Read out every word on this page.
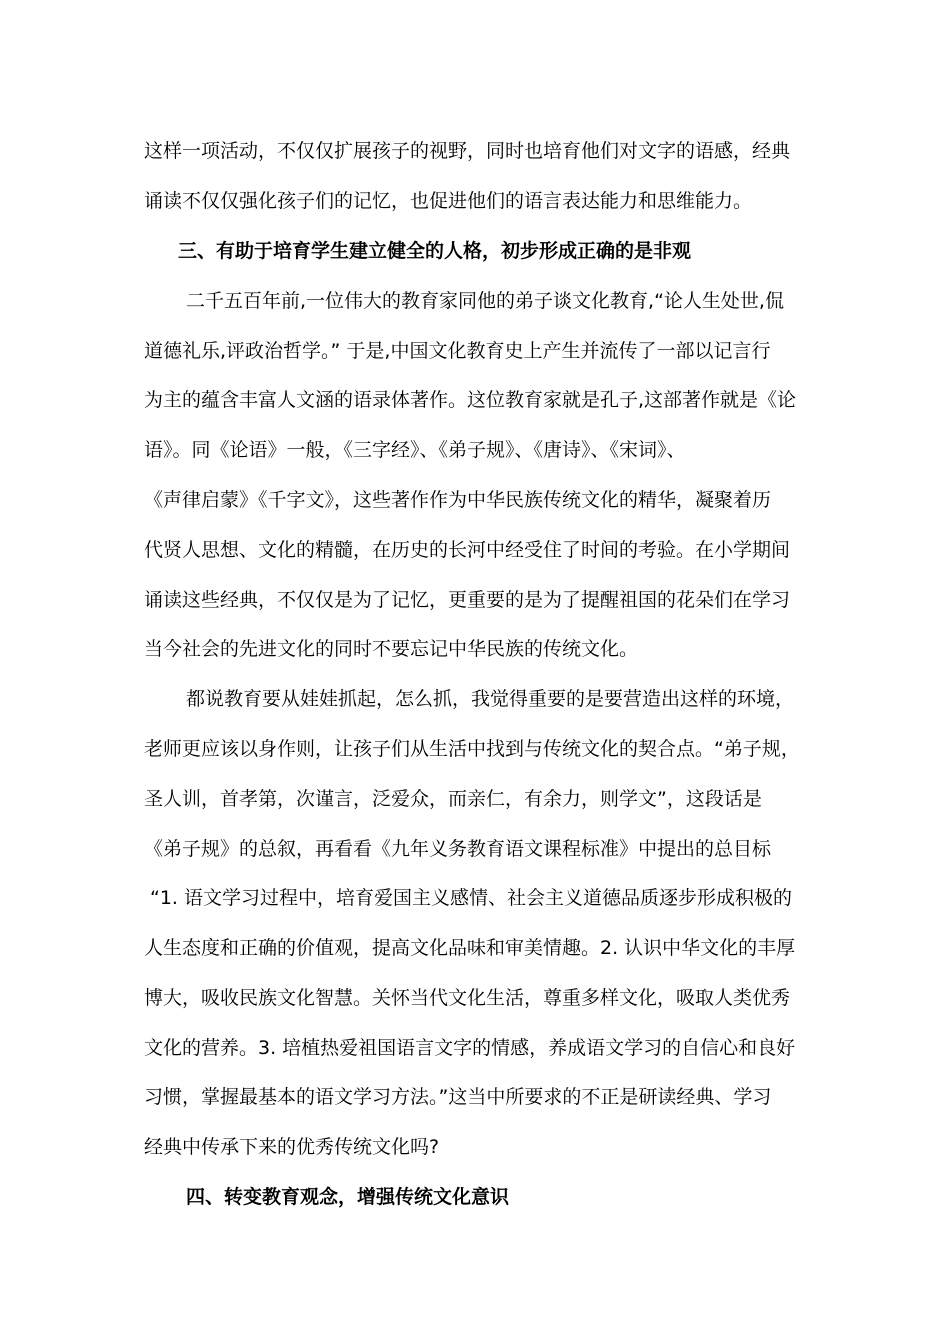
这样一项活动，不仅仅扩展孩子的视野，同时也培育他们对文字的语感，经典
诵读不仅仅强化孩子们的记忆，也促进他们的语言表达能力和思维能力。
三、有助于培育学生建立健全的人格，初步形成正确的是非观
二千五百年前,一位伟大的教育家同他的弟子谈文化教育,“论人生处世,侃
道德礼乐,评政治哲学。” 于是,中国文化教育史上产生并流传了一部以记言行
为主的蕴含丰富人文涵的语录体著作。这位教育家就是孔子,这部著作就是《论
语》。同《论语》一般，《三字经》、《弟子规》、《唐诗》、《宋词》、
《声律启蒙》《千字文》，这些著作作为中华民族传统文化的精华，凝聚着历
代贤人思想、文化的精髓，在历史的长河中经受住了时间的考验。在小学期间
诵读这些经典，不仅仅是为了记忆，更重要的是为了提醒祖国的花朵们在学习
当今社会的先进文化的同时不要忘记中华民族的传统文化。
都说教育要从娃娃抓起，怎么抓，我觉得重要的是要营造出这样的环境，
老师更应该以身作则，让孩子们从生活中找到与传统文化的契合点。“弟子规，
圣人训，首孝第，次谨言，泛爱众，而亲仁，有余力，则学文”，这段话是
《弟子规》的总叙，再看看《九年义务教育语文课程标准》中提出的总目标
“1. 语文学习过程中，培育爱国主义感情、社会主义道德品质逐步形成积极的
人生态度和正确的价值观，提高文化品味和审美情趣。2. 认识中华文化的丰厚
博大，吸收民族文化智慧。关怀当代文化生活，尊重多样文化，吸取人类优秀
文化的营养。3. 培植热爱祖国语言文字的情感，养成语文学习的自信心和良好
习惯，掌握最基本的语文学习方法。”这当中所要求的不正是研读经典、学习
经典中传承下来的优秀传统文化吗?
四、转变教育观念，增强传统文化意识
